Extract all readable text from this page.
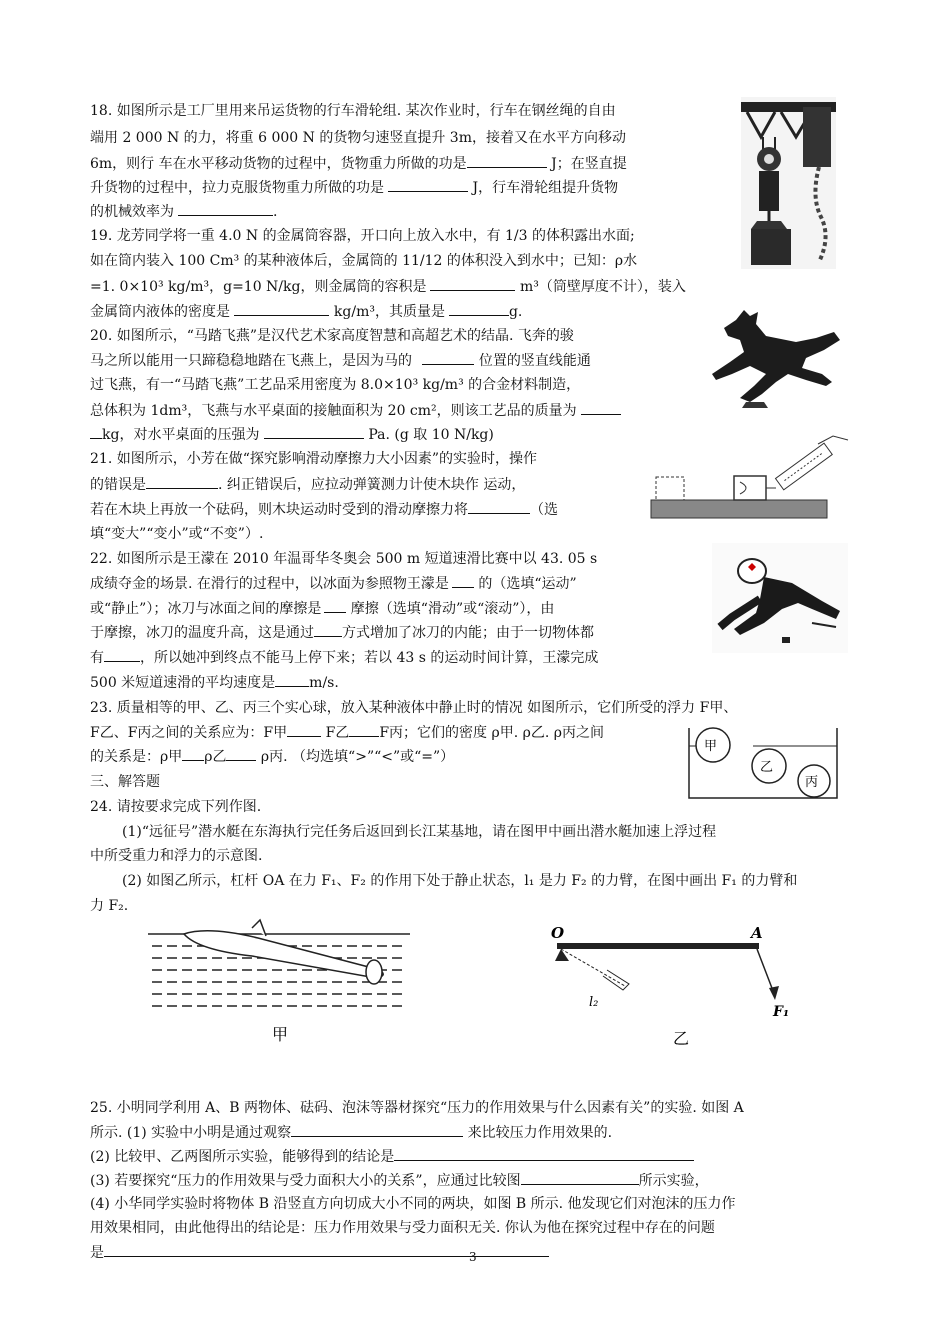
18. 如图所示是工厂里用来吊运货物的行车滑轮组. 某次作业时，行车在钢丝绳的自由
端用 2 000 N 的力，将重 6 000 N 的货物匀速竖直提升 3m，接着又在水平方向移动
6m，则行 车在水平移动货物的过程中，货物重力所做的功是	J；在竖直提
升货物的过程中，拉力克服货物重力所做的功是	J，行车滑轮组提升货物
的机械效率为	.
19. 龙芳同学将一重 4.0 N 的金属筒容器，开口向上放入水中，有 1/3 的体积露出水面;
如在筒内装入 100 Cm³ 的某种液体后，金属筒的 11/12 的体积没入到水中；已知：ρ水
=1. 0×10³ kg/m³，g=10 N/kg，则金属筒的容积是	m³（筒壁厚度不计），装入
金属筒内液体的密度是	kg/m³，其质量是	g.
20. 如图所示，“马踏飞燕”是汉代艺术家高度智慧和高超艺术的结晶. 飞奔的骏
马之所以能用一只蹄稳稳地踏在飞燕上，是因为马的	位置的竖直线能通
过飞燕，有一“马踏飞燕”工艺品采用密度为 8.0×10³ kg/m³ 的合金材料制造，
总体积为 1dm³，飞燕与水平桌面的接触面积为 20 cm²，则该工艺品的质量为
kg，对水平桌面的压强为	Pa. (g 取 10 N/kg)
21. 如图所示，小芳在做“探究影响滑动摩擦力大小因素”的实验时，操作
的错误是	. 纠正错误后，应拉动弹簧测力计使木块作 运动，
若在木块上再放一个砝码，则木块运动时受到的滑动摩擦力将	（选
填“变大”“变小”或“不变”）.
22. 如图所示是王濛在 2010 年温哥华冬奥会 500 m 短道速滑比赛中以 43. 05 s
成绩夺金的场景. 在滑行的过程中，以冰面为参照物王濛是 的（选填“运动”
或“静止”）；冰刀与冰面之间的摩擦是 摩擦（选填“滑动”或“滚动”），由
于摩擦，冰刀的温度升高，这是通过 方式增加了冰刀的内能；由于一切物体都
有	，所以她冲到终点不能马上停下来；若以 43 s 的运动时间计算，王濛完成
500 米短道速滑的平均速度是 m/s.
23. 质量相等的甲、乙、丙三个实心球，放入某种液体中静止时的情况 如图所示，它们所受的浮力 F甲、
F乙、F丙之间的关系应为：F甲	F乙 F丙；它们的密度 ρ甲. ρ乙. ρ丙之间
的关系是：ρ甲 ρ乙 ρ丙. （均选填“>”“<”或“=”）
甲
乙
丙
三、解答题
24. 请按要求完成下列作图.
(1)“远征号”潜水艇在东海执行完任务后返回到长江某基地，请在图甲中画出潜水艇加速上浮过程
中所受重力和浮力的示意图.
(2) 如图乙所示，杠杆 OA 在力 F₁、F₂ 的作用下处于静止状态，l₁ 是力 F₂ 的力臂，在图中画出 F₁ 的力臂和
力 F₂.
甲
O	A
l₂
F₁
乙
25. 小明同学利用 A、B 两物体、砝码、泡沫等器材探究“压力的作用效果与什么因素有关”的实验. 如图 A
所示. (1) 实验中小明是通过观察	来比较压力作用效果的.
(2) 比较甲、乙两图所示实验，能够得到的结论是
(3) 若要探究“压力的作用效果与受力面积大小的关系”，应通过比较图	所示实验，
(4) 小华同学实验时将物体 B 沿竖直方向切成大小不同的两块，如图 B 所示. 他发现它们对泡沫的压力作
用效果相同，由此他得出的结论是：压力作用效果与受力面积无关. 你认为他在探究过程中存在的问题
是	3
